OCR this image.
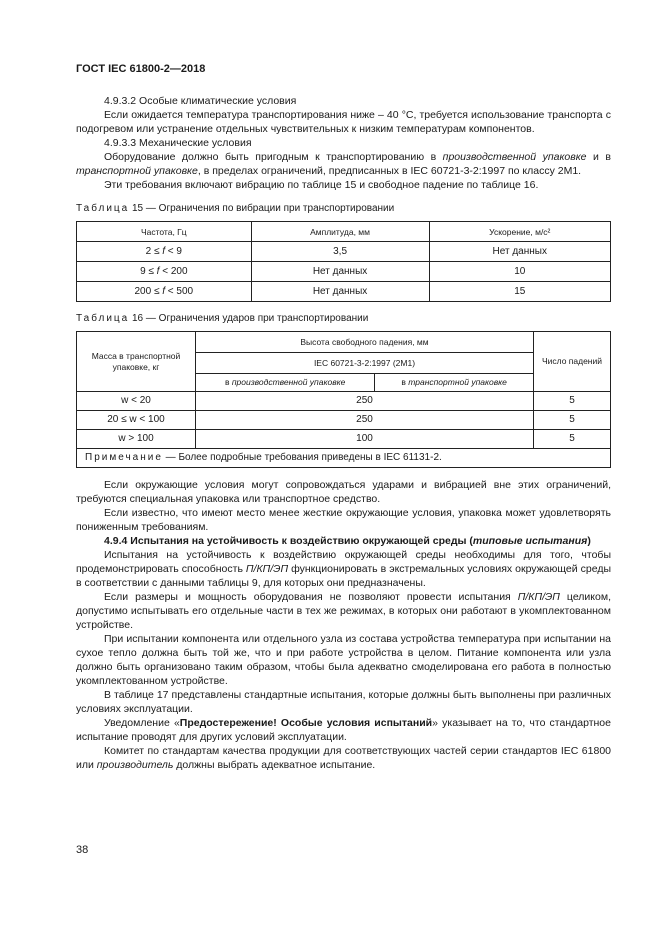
ГОСТ IEC 61800-2—2018
4.9.3.2 Особые климатические условия

Если ожидается температура транспортирования ниже – 40 °С, требуется использование транспорта с подогревом или устранение отдельных чувствительных к низким температурам компонентов.

4.9.3.3 Механические условия

Оборудование должно быть пригодным к транспортированию в производственной упаковке и в транспортной упаковке, в пределах ограничений, предписанных в IEC 60721-3-2:1997 по классу 2М1.

Эти требования включают вибрацию по таблице 15 и свободное падение по таблице 16.

Таблица 15 — Ограничения по вибрации при транспортировании
Частота, Гц	Амплитуда, мм	Ускорение, м/с²
2 ≤ f < 9	3,5	Нет данных
9 ≤ f < 200	Нет данных	10
200 ≤ f < 500	Нет данных	15
Таблица 16 — Ограничения ударов при транспортировании
Масса в транспортной упаковке, кг	Высота свободного падения, мм		Число падений
	IEC 60721-3-2:1997 (2М1)		
	в производственной упаковке	в транспортной упаковке	
w < 20	250		5
20 ≤ w < 100	250		5
w > 100	100		5
Примечание — Более подробные требования приведены в IEC 61131-2.			

Если окружающие условия могут сопровождаться ударами и вибрацией вне этих ограничений, требуются специальная упаковка или транспортное средство.

Если известно, что имеют место менее жесткие окружающие условия, упаковка может удовлетворять пониженным требованиям.

4.9.4 Испытания на устойчивость к воздействию окружающей среды (типовые испытания)

Испытания на устойчивость к воздействию окружающей среды необходимы для того, чтобы продемонстрировать способность П/КП/ЭП функционировать в экстремальных условиях окружающей среды в соответствии с данными таблицы 9, для которых они предназначены.

Если размеры и мощность оборудования не позволяют провести испытания П/КП/ЭП целиком, допустимо испытывать его отдельные части в тех же режимах, в которых они работают в укомплектованном устройстве.

При испытании компонента или отдельного узла из состава устройства температура при испытании на сухое тепло должна быть той же, что и при работе устройства в целом. Питание компонента или узла должно быть организовано таким образом, чтобы была адекватно смоделирована его работа в полностью укомплектованном устройстве.

В таблице 17 представлены стандартные испытания, которые должны быть выполнены при различных условиях эксплуатации.

Уведомление «Предостережение! Особые условия испытаний» указывает на то, что стандартное испытание проводят для других условий эксплуатации.

Комитет по стандартам качества продукции для соответствующих частей серии стандартов IEC 61800 или производитель должны выбрать адекватное испытание.

38
